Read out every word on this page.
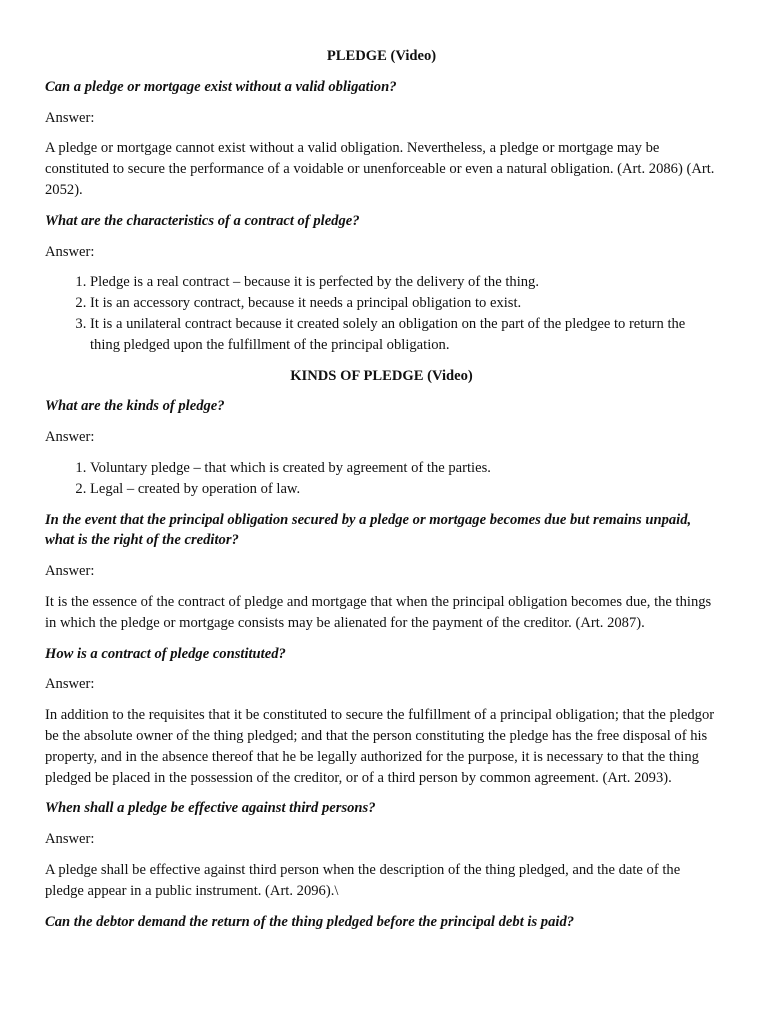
PLEDGE (Video)
Can a pledge or mortgage exist without a valid obligation?
Answer:
A pledge or mortgage cannot exist without a valid obligation. Nevertheless, a pledge or mortgage may be constituted to secure the performance of a voidable or unenforceable or even a natural obligation. (Art. 2086) (Art. 2052).
What are the characteristics of a contract of pledge?
Answer:
1. Pledge is a real contract – because it is perfected by the delivery of the thing.
2. It is an accessory contract, because it needs a principal obligation to exist.
3. It is a unilateral contract because it created solely an obligation on the part of the pledgee to return the thing pledged upon the fulfillment of the principal obligation.
KINDS OF PLEDGE (Video)
What are the kinds of pledge?
Answer:
1. Voluntary pledge – that which is created by agreement of the parties.
2. Legal – created by operation of law.
In the event that the principal obligation secured by a pledge or mortgage becomes due but remains unpaid, what is the right of the creditor?
Answer:
It is the essence of the contract of pledge and mortgage that when the principal obligation becomes due, the things in which the pledge or mortgage consists may be alienated for the payment of the creditor. (Art. 2087).
How is a contract of pledge constituted?
Answer:
In addition to the requisites that it be constituted to secure the fulfillment of a principal obligation; that the pledgor be the absolute owner of the thing pledged; and that the person constituting the pledge has the free disposal of his property, and in the absence thereof that he be legally authorized for the purpose, it is necessary to that the thing pledged be placed in the possession of the creditor, or of a third person by common agreement. (Art. 2093).
When shall a pledge be effective against third persons?
Answer:
A pledge shall be effective against third person when the description of the thing pledged, and the date of the pledge appear in a public instrument. (Art. 2096).\
Can the debtor demand the return of the thing pledged before the principal debt is paid?
